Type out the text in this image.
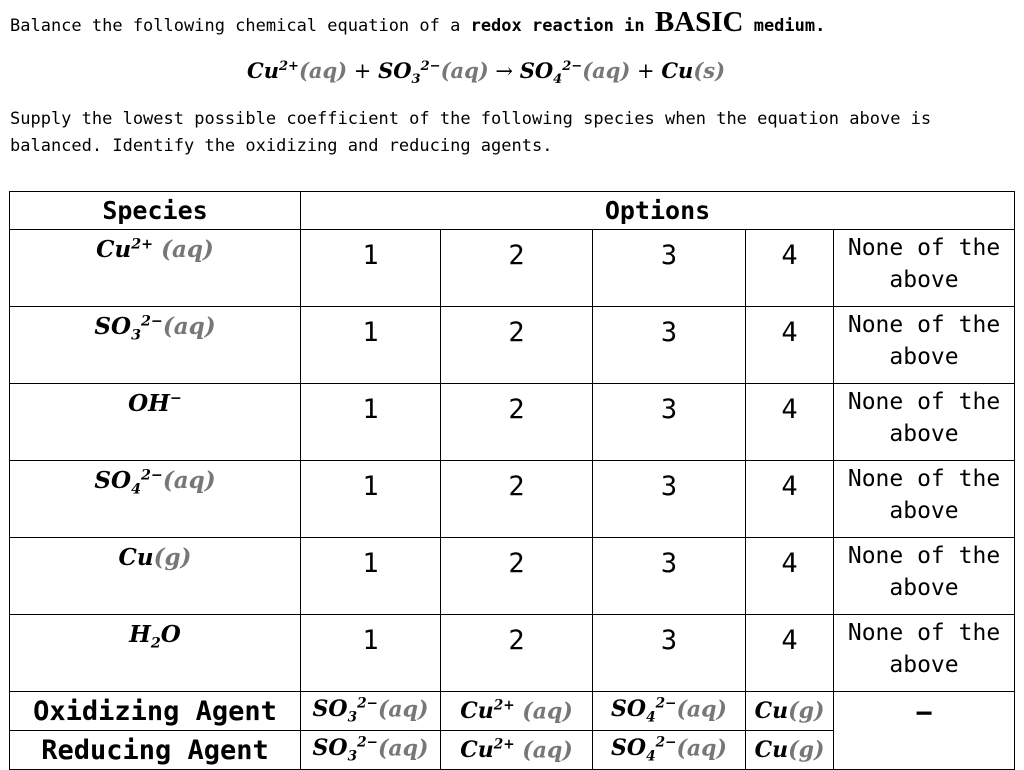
Balance the following chemical equation of a redox reaction in BASIC medium.
$Cu^{2+}(aq) + SO_3^{2-}(aq) \to SO_4^{2-}(aq) + Cu(s)$
Supply the lowest possible coefficient of the following species when the equation above is balanced. Identify the oxidizing and reducing agents.
Species	Options				
$Cu^{2+}$ (aq)	1	2	3	4	None of the above
$SO_3^{2-}(aq)$	1	2	3	4	None of the above
OH−	1	2	3	4	None of the above
$SO_4^{2-}(aq)$	1	2	3	4	None of the above
Cu(g)	1	2	3	4	None of the above
$H_2O$	1	2	3	4	None of the above
Oxidizing Agent	$SO_3^{2-}(aq)$	$Cu^{2+}$ (aq)	$SO_4^{2-}(aq)$	Cu(g)	−
Reducing Agent	$SO_3^{2-}(aq)$	$Cu^{2+}$ (aq)	$SO_4^{2-}(aq)$	Cu(g)	
